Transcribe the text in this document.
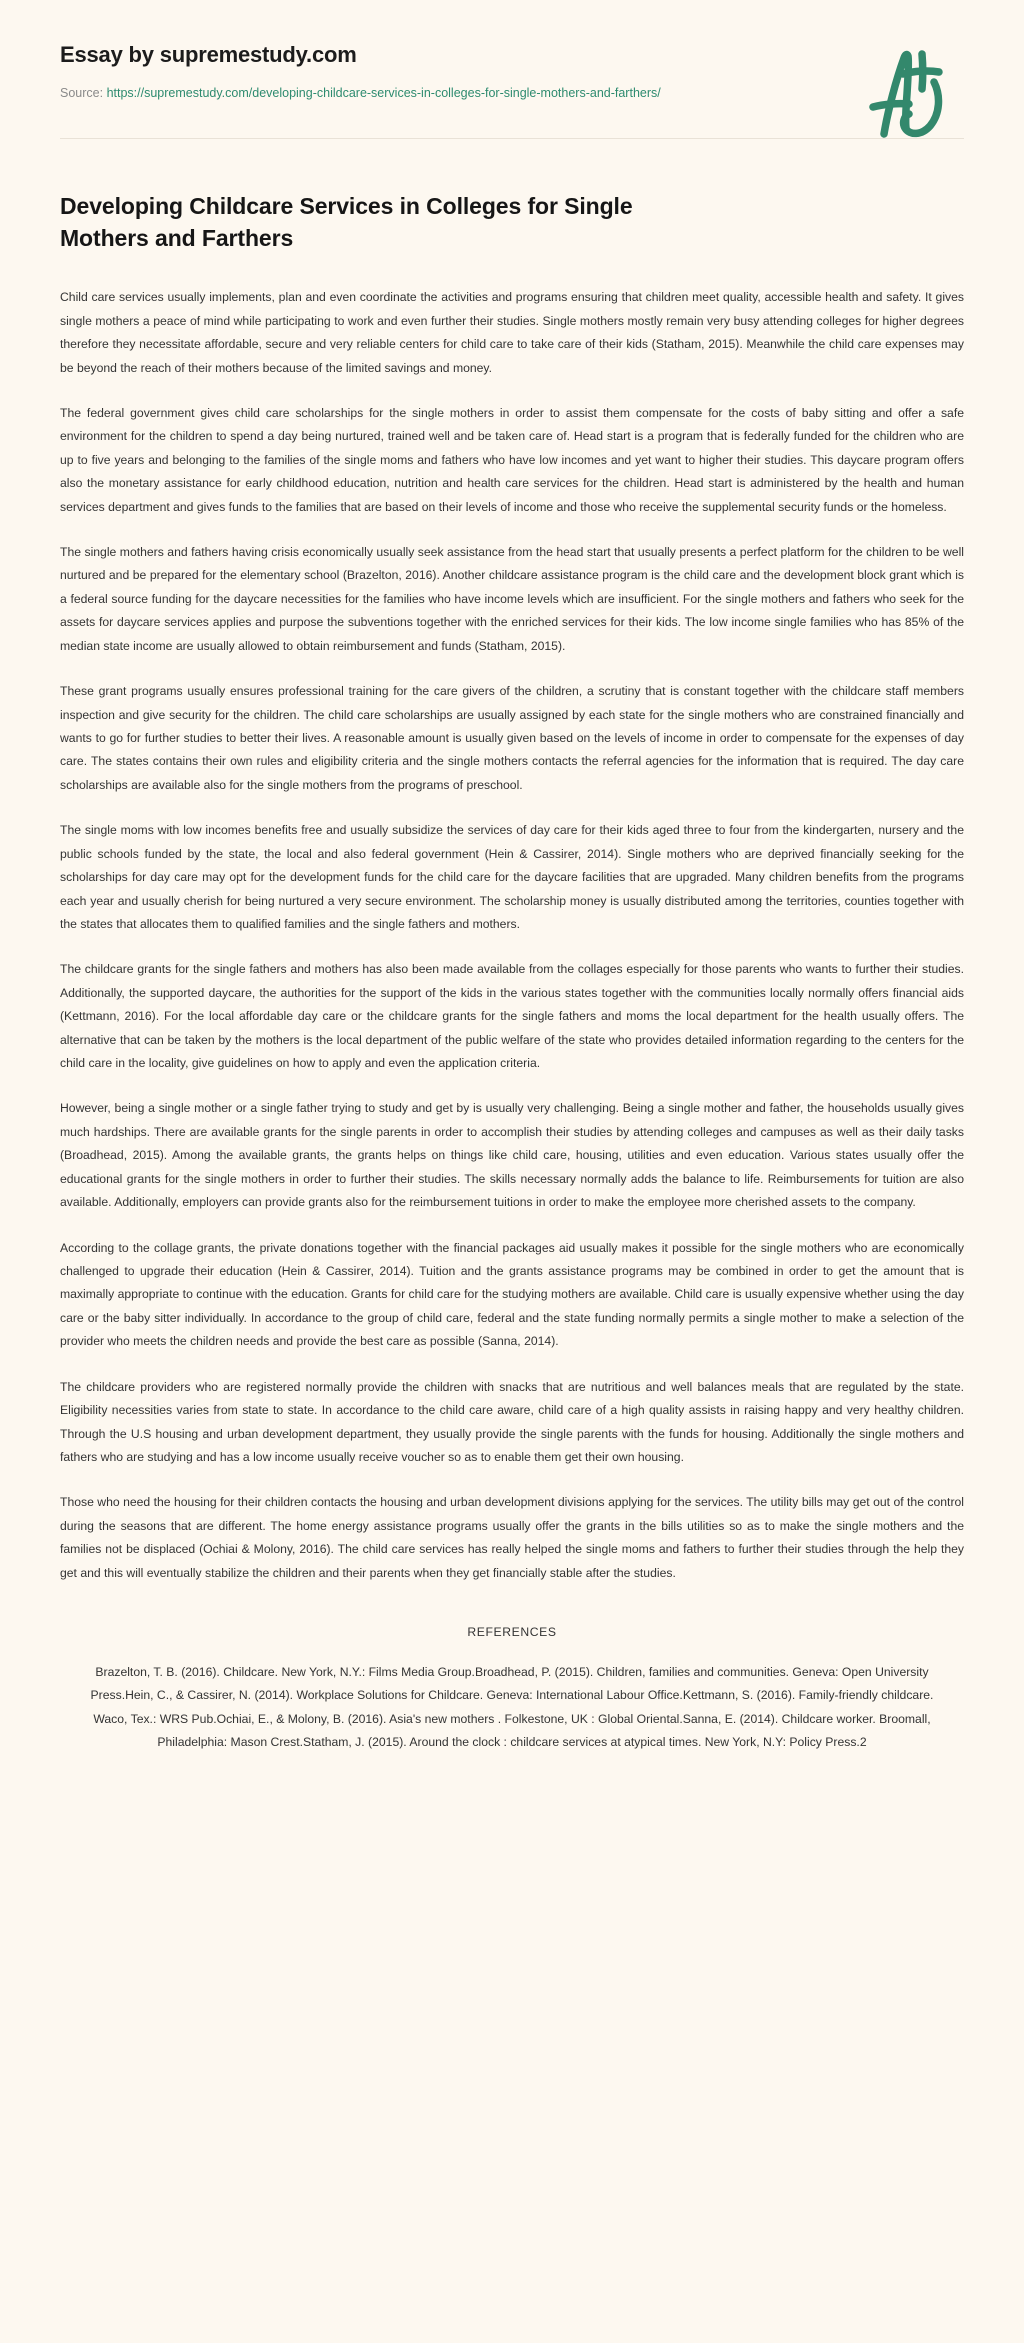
Essay by supremestudy.com
Source: https://supremestudy.com/developing-childcare-services-in-colleges-for-single-mothers-and-farthers/
Developing Childcare Services in Colleges for Single Mothers and Farthers

Child care services usually implements, plan and even coordinate the activities and programs ensuring that children meet quality, accessible health and safety. It gives single mothers a peace of mind while participating to work and even further their studies. Single mothers mostly remain very busy attending colleges for higher degrees therefore they necessitate affordable, secure and very reliable centers for child care to take care of their kids (Statham, 2015). Meanwhile the child care expenses may be beyond the reach of their mothers because of the limited savings and money.

The federal government gives child care scholarships for the single mothers in order to assist them compensate for the costs of baby sitting and offer a safe environment for the children to spend a day being nurtured, trained well and be taken care of. Head start is a program that is federally funded for the children who are up to five years and belonging to the families of the single moms and fathers who have low incomes and yet want to higher their studies. This daycare program offers also the monetary assistance for early childhood education, nutrition and health care services for the children. Head start is administered by the health and human services department and gives funds to the families that are based on their levels of income and those who receive the supplemental security funds or the homeless.

The single mothers and fathers having crisis economically usually seek assistance from the head start that usually presents a perfect platform for the children to be well nurtured and be prepared for the elementary school (Brazelton, 2016). Another childcare assistance program is the child care and the development block grant which is a federal source funding for the daycare necessities for the families who have income levels which are insufficient. For the single mothers and fathers who seek for the assets for daycare services applies and purpose the subventions together with the enriched services for their kids. The low income single families who has 85% of the median state income are usually allowed to obtain reimbursement and funds (Statham, 2015).

These grant programs usually ensures professional training for the care givers of the children, a scrutiny that is constant together with the childcare staff members inspection and give security for the children. The child care scholarships are usually assigned by each state for the single mothers who are constrained financially and wants to go for further studies to better their lives. A reasonable amount is usually given based on the levels of income in order to compensate for the expenses of day care. The states contains their own rules and eligibility criteria and the single mothers contacts the referral agencies for the information that is required. The day care scholarships are available also for the single mothers from the programs of preschool.

The single moms with low incomes benefits free and usually subsidize the services of day care for their kids aged three to four from the kindergarten, nursery and the public schools funded by the state, the local and also federal government (Hein & Cassirer, 2014). Single mothers who are deprived financially seeking for the scholarships for day care may opt for the development funds for the child care for the daycare facilities that are upgraded. Many children benefits from the programs each year and usually cherish for being nurtured a very secure environment. The scholarship money is usually distributed among the territories, counties together with the states that allocates them to qualified families and the single fathers and mothers.

The childcare grants for the single fathers and mothers has also been made available from the collages especially for those parents who wants to further their studies. Additionally, the supported daycare, the authorities for the support of the kids in the various states together with the communities locally normally offers financial aids (Kettmann, 2016). For the local affordable day care or the childcare grants for the single fathers and moms the local department for the health usually offers. The alternative that can be taken by the mothers is the local department of the public welfare of the state who provides detailed information regarding to the centers for the child care in the locality, give guidelines on how to apply and even the application criteria.

However, being a single mother or a single father trying to study and get by is usually very challenging. Being a single mother and father, the households usually gives much hardships. There are available grants for the single parents in order to accomplish their studies by attending colleges and campuses as well as their daily tasks (Broadhead, 2015). Among the available grants, the grants helps on things like child care, housing, utilities and even education. Various states usually offer the educational grants for the single mothers in order to further their studies. The skills necessary normally adds the balance to life. Reimbursements for tuition are also available. Additionally, employers can provide grants also for the reimbursement tuitions in order to make the employee more cherished assets to the company.

According to the collage grants, the private donations together with the financial packages aid usually makes it possible for the single mothers who are economically challenged to upgrade their education (Hein & Cassirer, 2014). Tuition and the grants assistance programs may be combined in order to get the amount that is maximally appropriate to continue with the education. Grants for child care for the studying mothers are available. Child care is usually expensive whether using the day care or the baby sitter individually. In accordance to the group of child care, federal and the state funding normally permits a single mother to make a selection of the provider who meets the children needs and provide the best care as possible (Sanna, 2014).

The childcare providers who are registered normally provide the children with snacks that are nutritious and well balances meals that are regulated by the state. Eligibility necessities varies from state to state. In accordance to the child care aware, child care of a high quality assists in raising happy and very healthy children. Through the U.S housing and urban development department, they usually provide the single parents with the funds for housing. Additionally the single mothers and fathers who are studying and has a low income usually receive voucher so as to enable them get their own housing.

Those who need the housing for their children contacts the housing and urban development divisions applying for the services. The utility bills may get out of the control during the seasons that are different. The home energy assistance programs usually offer the grants in the bills utilities so as to make the single mothers and the families not be displaced (Ochiai & Molony, 2016). The child care services has really helped the single moms and fathers to further their studies through the help they get and this will eventually stabilize the children and their parents when they get financially stable after the studies.

REFERENCES
Brazelton, T. B. (2016). Childcare. New York, N.Y.: Films Media Group.Broadhead, P. (2015). Children, families and communities. Geneva: Open University Press.Hein, C., & Cassirer, N. (2014). Workplace Solutions for Childcare. Geneva: International Labour Office.Kettmann, S. (2016). Family-friendly childcare. Waco, Tex.: WRS Pub.Ochiai, E., & Molony, B. (2016). Asia's new mothers . Folkestone, UK : Global Oriental.Sanna, E. (2014). Childcare worker. Broomall, Philadelphia: Mason Crest.Statham, J. (2015). Around the clock : childcare services at atypical times. New York, N.Y: Policy Press.2
